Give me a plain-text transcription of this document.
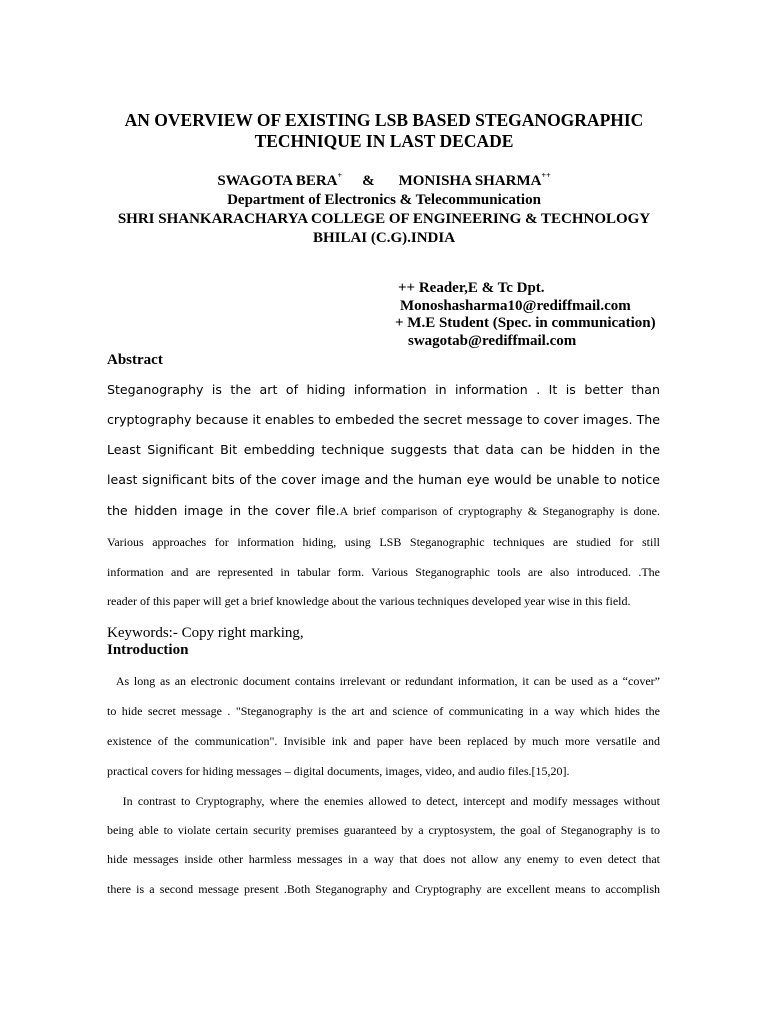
AN OVERVIEW OF EXISTING LSB BASED STEGANOGRAPHIC
TECHNIQUE IN LAST DECADE
SWAGOTA BERA+ & MONISHA SHARMA++
Department of Electronics & Telecommunication
SHRI SHANKARACHARYA COLLEGE OF ENGINEERING & TECHNOLOGY
BHILAI (C.G).INDIA
++ Reader,E & Tc Dpt.
Monoshasharma10@rediffmail.com
+ M.E Student (Spec. in communication)
swagotab@rediffmail.com
Abstract
Steganography is the art of hiding information in information . It is better than
cryptography because it enables to embeded the secret message to cover images. The
Least Significant Bit embedding technique suggests that data can be hidden in the
least significant bits of the cover image and the human eye would be unable to notice
the hidden image in the cover file.A brief comparison of cryptography & Steganography is done.
Various approaches for information hiding, using LSB Steganographic techniques are studied for still
information and are represented in tabular form. Various Steganographic tools are also introduced. .The
reader of this paper will get a brief knowledge about the various techniques developed year wise in this field.

Keywords:- Copy right marking,

Introduction
As long as an electronic document contains irrelevant or redundant information, it can be used as a “cover”
to hide secret message . "Steganography is the art and science of communicating in a way which hides the
existence of the communication". Invisible ink and paper have been replaced by much more versatile and
practical covers for hiding messages – digital documents, images, video, and audio files.[15,20].
In contrast to Cryptography, where the enemies allowed to detect, intercept and modify messages without
being able to violate certain security premises guaranteed by a cryptosystem, the goal of Steganography is to
hide messages inside other harmless messages in a way that does not allow any enemy to even detect that
there is a second message present .Both Steganography and Cryptography are excellent means to accomplish
